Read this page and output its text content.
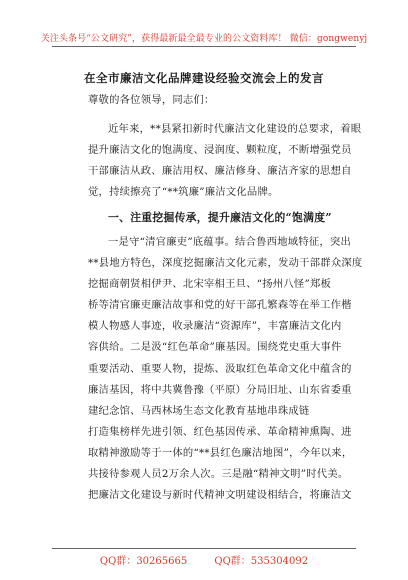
关注头条号“公文研究”，获得最新最全最专业的公文资料库！ 微信：gongwenyj
在全市廉洁文化品牌建设经验交流会上的发言
尊敬的各位领导，同志们：
近年来，**县紧扣新时代廉洁文化建设的总要求，着眼
提升廉洁文化的饱满度、浸润度、颗粒度，不断增强党员
干部廉洁从政、廉洁用权、廉洁修身、廉洁齐家的思想自
觉，持续擦亮了“**筑廉”廉洁文化品牌。
一、注重挖掘传承，提升廉洁文化的“饱满度”
一是守“清官廉吏”底蕴事。结合鲁西地域特征，突出
**县地方特色，深度挖掘廉洁文化元素，发动干部群众深度
挖掘商朝贤相伊尹、北宋宰相王旦、“扬州八怪”郑板
桥等清官廉吏廉洁故事和党的好干部孔繁森等在举工作楷
模人物感人事迹，收录廉洁“资源库”，丰富廉洁文化内
容供给。二是汲“红色革命”廉基因。围绕党史重大事件
重要活动、重要人物，提炼、汲取红色革命文化中蕴含的
廉洁基因，将中共冀鲁豫（平原）分局旧址、山东省委重
建纪念馆、马西林场生态文化教育基地串珠成链
打造集榜样先进引领、红色基因传承、革命精神熏陶、进
取精神激励等于一体的“**县红色廉洁地图”，今年以来，
共接待参观人员2万余人次。三是融“精神文明”时代美。
把廉洁文化建设与新时代精神文明建设相结合，将廉洁文
QQ群：30265665	QQ群：535304092
